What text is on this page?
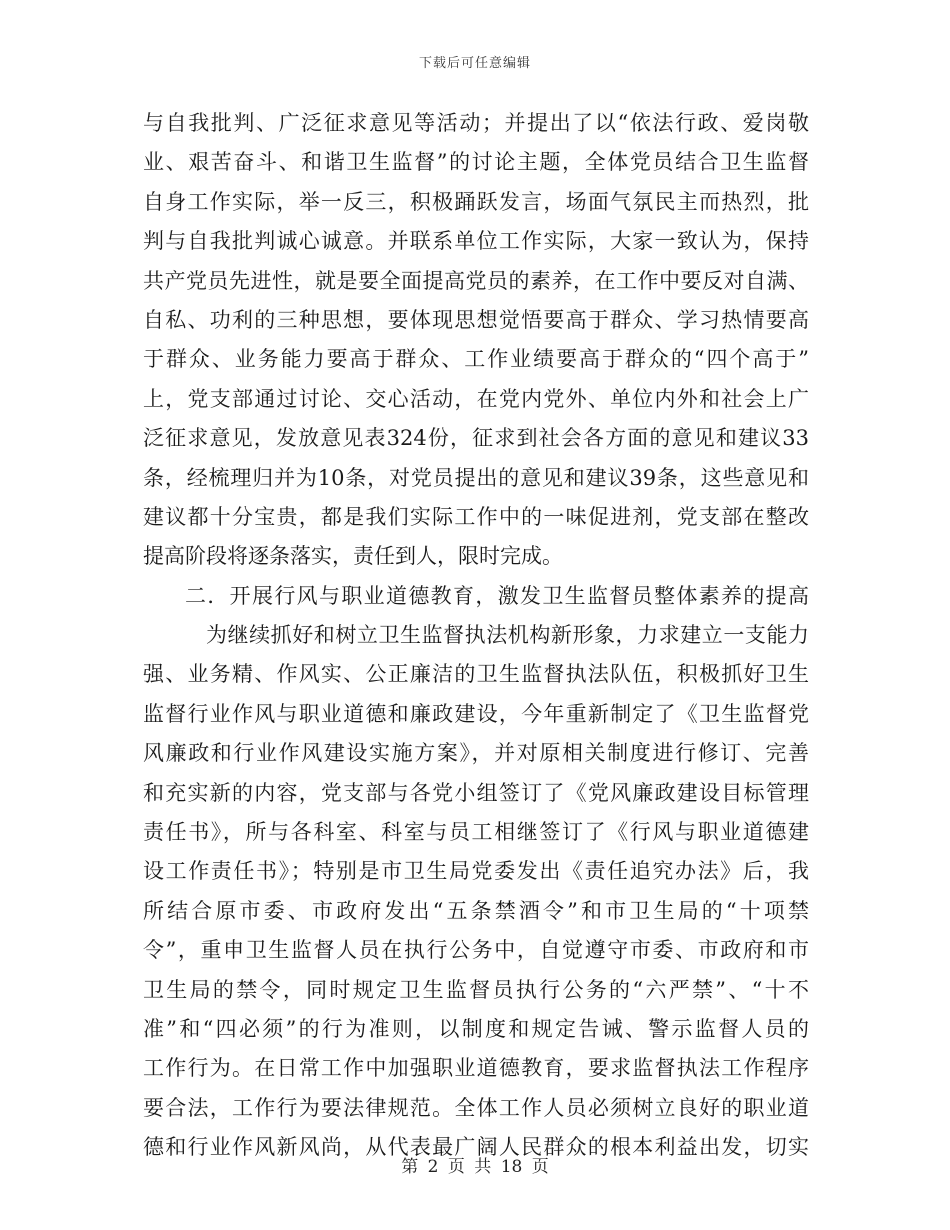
下载后可任意编辑
与自我批判、广泛征求意见等活动；并提出了以“依法行政、爱岗敬
业、艰苦奋斗、和谐卫生监督”的讨论主题，全体党员结合卫生监督
自身工作实际，举一反三，积极踊跃发言，场面气氛民主而热烈，批
判与自我批判诚心诚意。并联系单位工作实际，大家一致认为，保持
共产党员先进性，就是要全面提高党员的素养，在工作中要反对自满、
自私、功利的三种思想，要体现思想觉悟要高于群众、学习热情要高
于群众、业务能力要高于群众、工作业绩要高于群众的“四个高于”
上，党支部通过讨论、交心活动，在党内党外、单位内外和社会上广
泛征求意见，发放意见表324份，征求到社会各方面的意见和建议33
条，经梳理归并为10条，对党员提出的意见和建议39条，这些意见和
建议都十分宝贵，都是我们实际工作中的一味促进剂，党支部在整改
提高阶段将逐条落实，责任到人，限时完成。
二．开展行风与职业道德教育，激发卫生监督员整体素养的提高
为继续抓好和树立卫生监督执法机构新形象，力求建立一支能力
强、业务精、作风实、公正廉洁的卫生监督执法队伍，积极抓好卫生
监督行业作风与职业道德和廉政建设，今年重新制定了《卫生监督党
风廉政和行业作风建设实施方案》，并对原相关制度进行修订、完善
和充实新的内容，党支部与各党小组签订了《党风廉政建设目标管理
责任书》，所与各科室、科室与员工相继签订了《行风与职业道德建
设工作责任书》；特别是市卫生局党委发出《责任追究办法》后，我
所结合原市委、市政府发出“五条禁酒令”和市卫生局的“十项禁
令”，重申卫生监督人员在执行公务中，自觉遵守市委、市政府和市
卫生局的禁令，同时规定卫生监督员执行公务的“六严禁”、“十不
准”和“四必须”的行为准则，以制度和规定告诫、警示监督人员的
工作行为。在日常工作中加强职业道德教育，要求监督执法工作程序
要合法，工作行为要法律规范。全体工作人员必须树立良好的职业道
德和行业作风新风尚，从代表最广阔人民群众的根本利益出发，切实
第 2 页 共 18 页
